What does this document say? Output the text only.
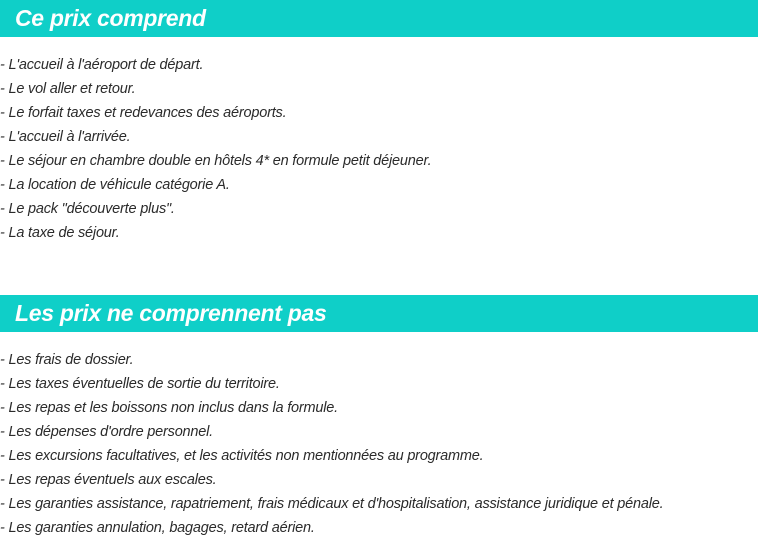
Ce prix comprend
- L'accueil à l'aéroport de départ.
- Le vol aller et retour.
- Le forfait taxes et redevances des aéroports.
- L'accueil à l'arrivée.
- Le séjour en chambre double en hôtels 4* en formule petit déjeuner.
- La location de véhicule catégorie A.
- Le pack "découverte plus".
- La taxe de séjour.
Les prix ne comprennent pas
- Les frais de dossier.
- Les taxes éventuelles de sortie du territoire.
- Les repas et les boissons non inclus dans la formule.
- Les dépenses d'ordre personnel.
- Les excursions facultatives, et les activités non mentionnées au programme.
- Les repas éventuels aux escales.
- Les garanties assistance, rapatriement, frais médicaux et d'hospitalisation, assistance juridique et pénale.
- Les garanties annulation, bagages, retard aérien.
